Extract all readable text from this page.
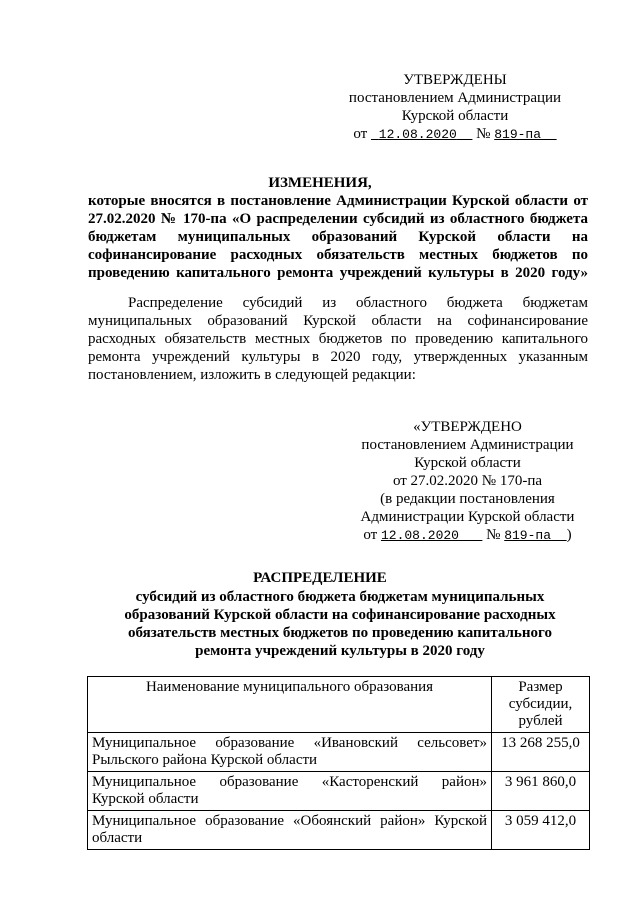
УТВЕРЖДЕНЫ
постановлением Администрации
Курской области
от 12.08.2020 № 819-па
ИЗМЕНЕНИЯ,
которые вносятся в постановление Администрации Курской области от
27.02.2020 № 170-па «О распределении субсидий из областного бюджета
бюджетам муниципальных образований Курской области на
софинансирование расходных обязательств местных бюджетов по
проведению капитального ремонта учреждений культуры в 2020 году»
Распределение субсидий из областного бюджета бюджетам
муниципальных образований Курской области на софинансирование
расходных обязательств местных бюджетов по проведению капитального
ремонта учреждений культуры в 2020 году, утвержденных указанным
постановлением, изложить в следующей редакции:
«УТВЕРЖДЕНО
постановлением Администрации
Курской области
от 27.02.2020 № 170-па
(в редакции постановления
Администрации Курской области
от 12.08.2020 № 819-па )
РАСПРЕДЕЛЕНИЕ
субсидий из областного бюджета бюджетам муниципальных
образований Курской области на софинансирование расходных
обязательств местных бюджетов по проведению капитального
ремонта учреждений культуры в 2020 году
Наименование муниципального образования	Размер
субсидии,
рублей

Муниципальное образование «Ивановский сельсовет»
Рыльского района Курской области	13 268 255,0

Муниципальное образование «Касторенский район»
Курской области	3 961 860,0

Муниципальное образование «Обоянский район» Курской
области	3 059 412,0
